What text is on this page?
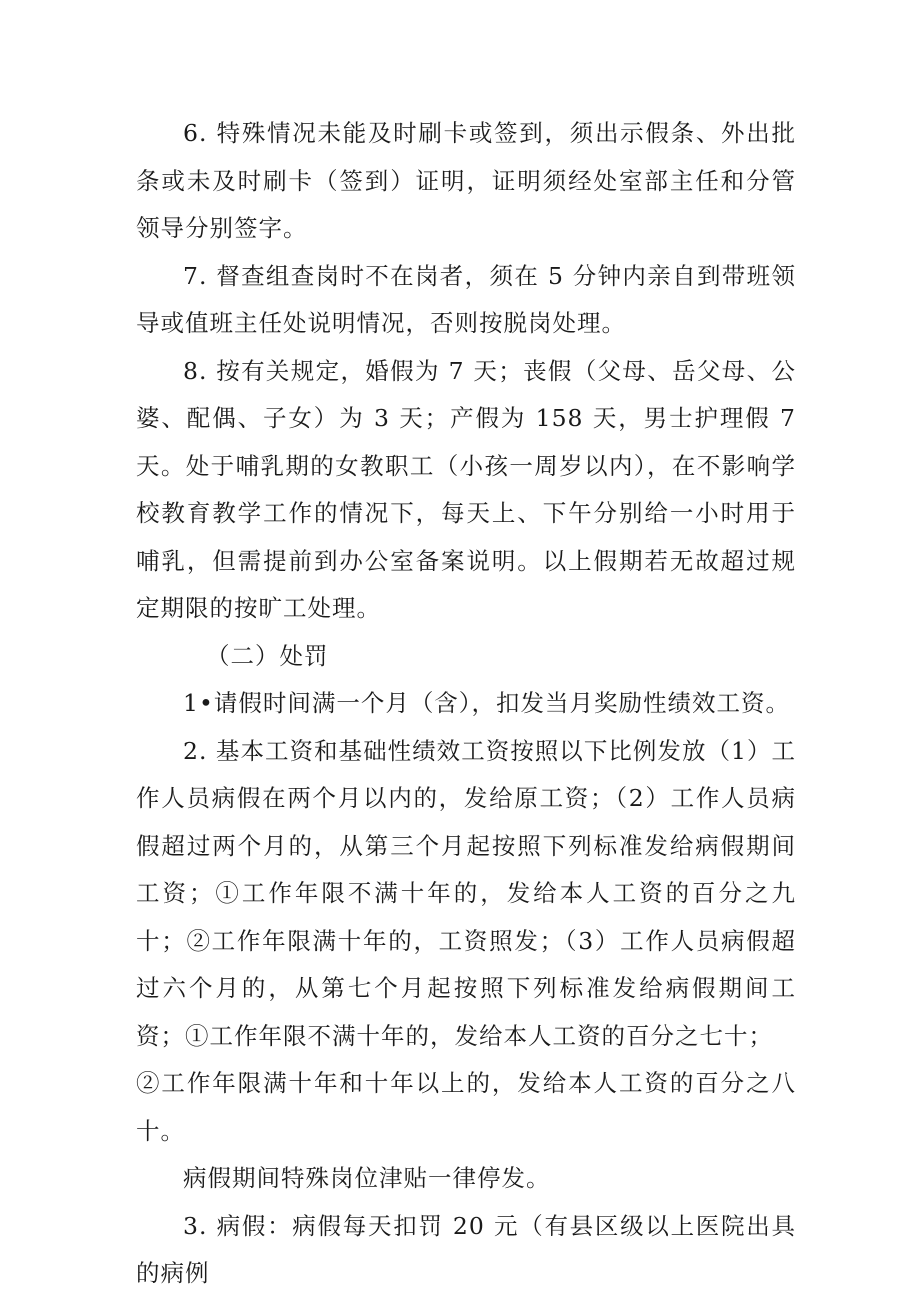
6. 特殊情况未能及时刷卡或签到，须出示假条、外出批条或未及时刷卡（签到）证明，证明须经处室部主任和分管领导分别签字。

7. 督查组查岗时不在岗者，须在 5 分钟内亲自到带班领导或值班主任处说明情况，否则按脱岗处理。

8. 按有关规定，婚假为 7 天；丧假（父母、岳父母、公婆、配偶、子女）为 3 天；产假为 158 天，男士护理假 7 天。处于哺乳期的女教职工（小孩一周岁以内），在不影响学校教育教学工作的情况下，每天上、下午分别给一小时用于哺乳，但需提前到办公室备案说明。以上假期若无故超过规定期限的按旷工处理。

（二）处罚

1•请假时间满一个月（含），扣发当月奖励性绩效工资。

2. 基本工资和基础性绩效工资按照以下比例发放（1）工作人员病假在两个月以内的，发给原工资；（2）工作人员病假超过两个月的，从第三个月起按照下列标准发给病假期间工资；①工作年限不满十年的，发给本人工资的百分之九十；②工作年限满十年的，工资照发；（3）工作人员病假超过六个月的，从第七个月起按照下列标准发给病假期间工资；①工作年限不满十年的，发给本人工资的百分之七十；

②工作年限满十年和十年以上的，发给本人工资的百分之八十。

病假期间特殊岗位津贴一律停发。

3. 病假：病假每天扣罚 20 元（有县区级以上医院出具的病例
